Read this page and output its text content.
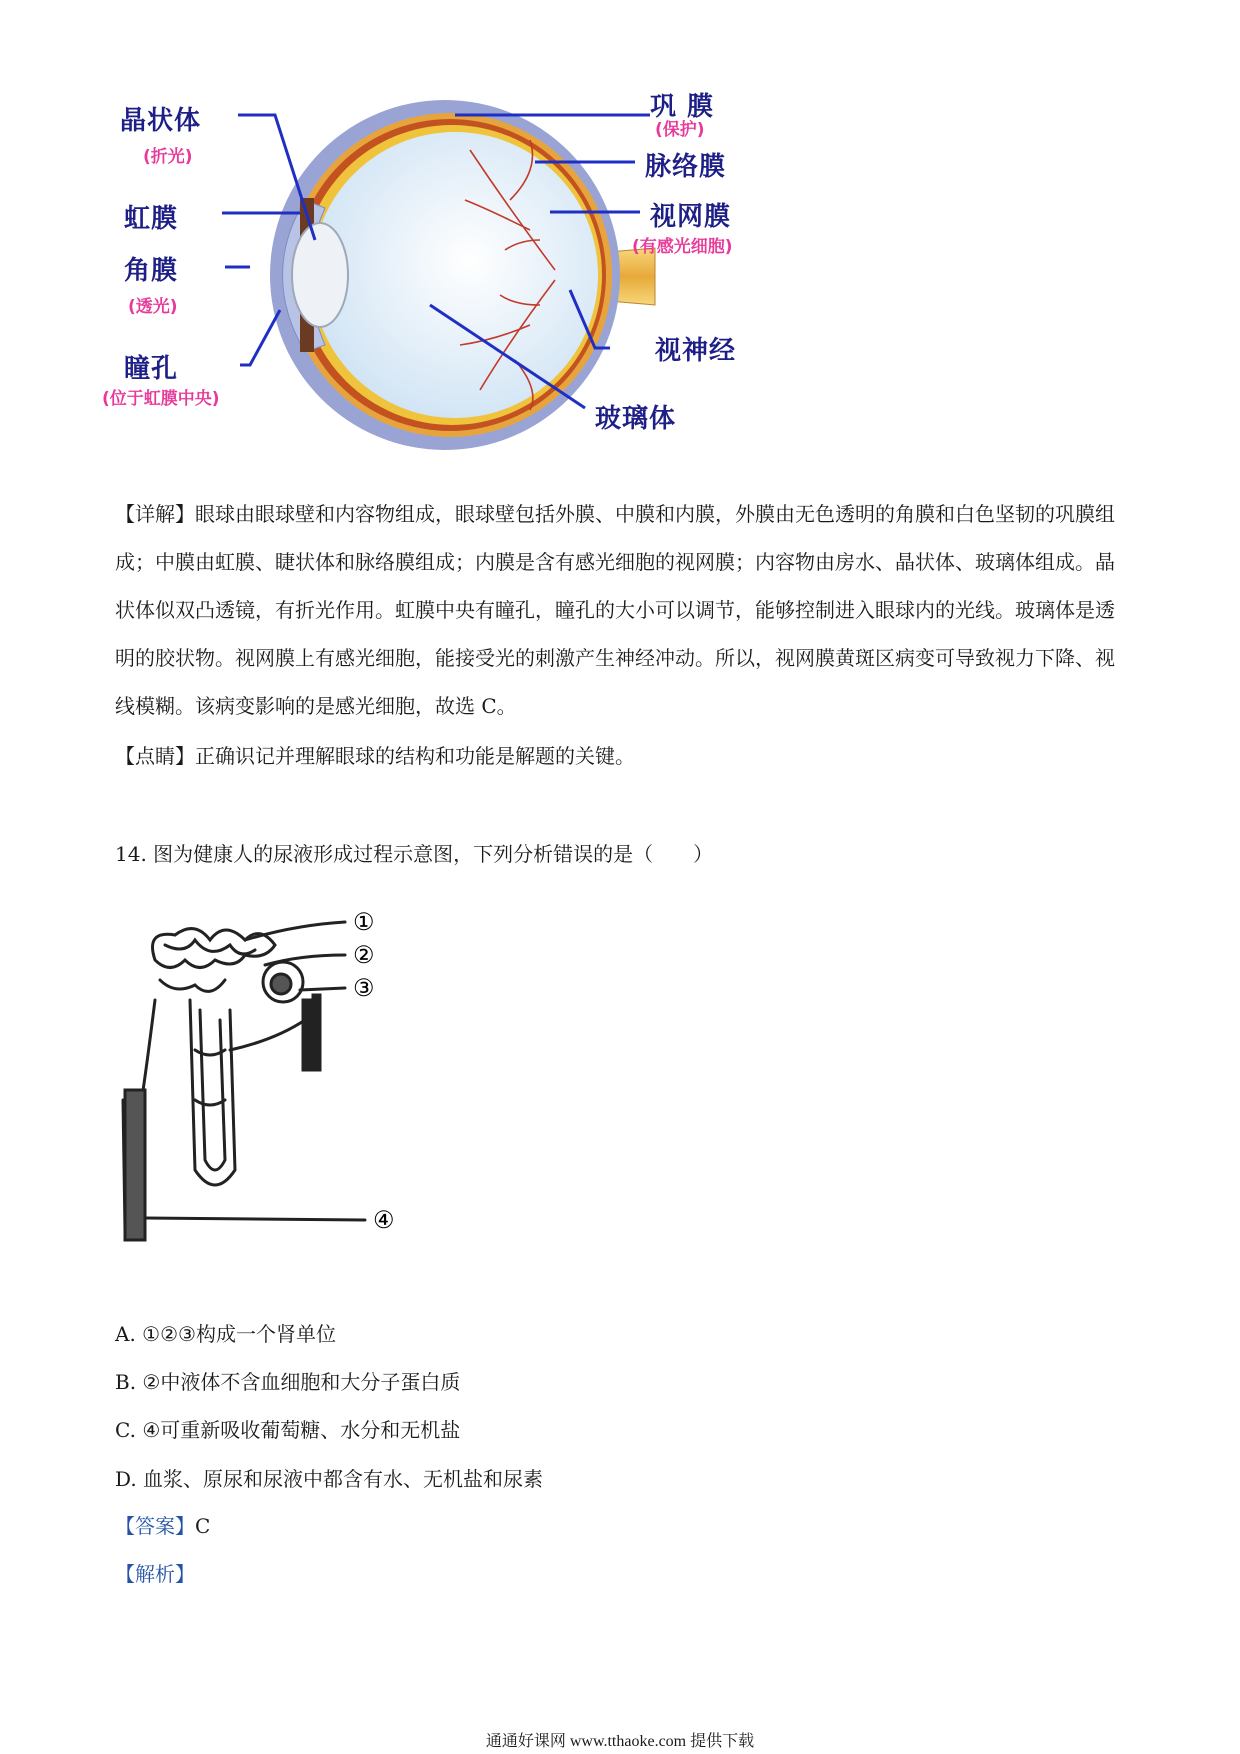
晶状体
(折光)
虹膜
角膜
(透光)
瞳孔
(位于虹膜中央)
巩 膜
(保护)
脉络膜
视网膜
(有感光细胞)
视神经
玻璃体

【详解】眼球由眼球壁和内容物组成，眼球壁包括外膜、中膜和内膜，外膜由无色透明的角膜和白色坚韧的巩膜组成；中膜由虹膜、睫状体和脉络膜组成；内膜是含有感光细胞的视网膜；内容物由房水、晶状体、玻璃体组成。晶状体似双凸透镜，有折光作用。虹膜中央有瞳孔，瞳孔的大小可以调节，能够控制进入眼球内的光线。玻璃体是透明的胶状物。视网膜上有感光细胞，能接受光的刺激产生神经冲动。所以，视网膜黄斑区病变可导致视力下降、视线模糊。该病变影响的是感光细胞，故选 C。

【点睛】正确识记并理解眼球的结构和功能是解题的关键。
14. 图为健康人的尿液形成过程示意图，下列分析错误的是（　　）
①
②
③
④
A. ①②③构成一个肾单位
B. ②中液体不含血细胞和大分子蛋白质
C. ④可重新吸收葡萄糖、水分和无机盐
D. 血浆、原尿和尿液中都含有水、无机盐和尿素
【答案】C
【解析】
通通好课网 www.tthaoke.com 提供下载
